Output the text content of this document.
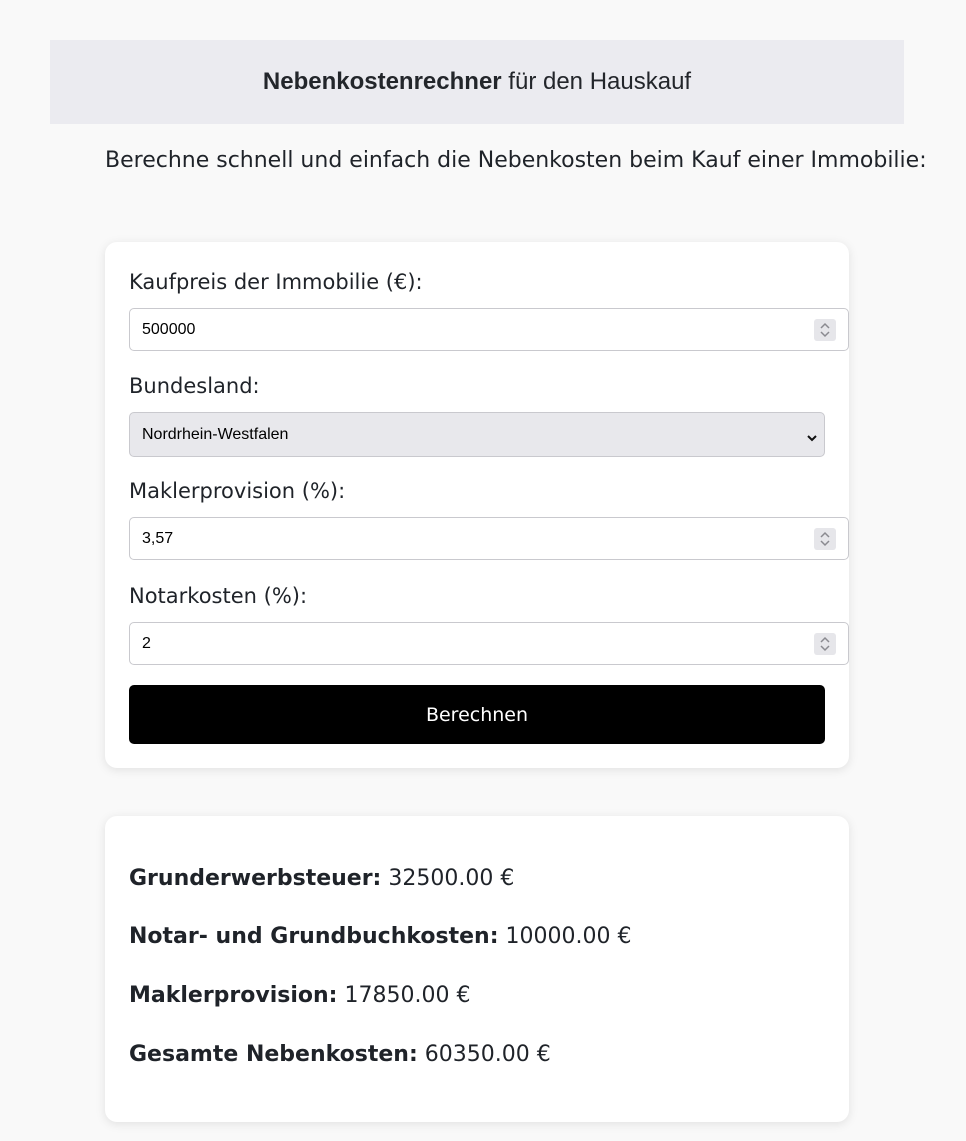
Nebenkostenrechner für den Hauskauf
Berechne schnell und einfach die Nebenkosten beim Kauf einer Immobilie:
Kaufpreis der Immobilie (€):
500000
Bundesland:
Nordrhein-Westfalen
Maklerprovision (%):
3,57
Notarkosten (%):
2
Berechnen
Grunderwerbsteuer: 32500.00 €
Notar- und Grundbuchkosten: 10000.00 €
Maklerprovision: 17850.00 €
Gesamte Nebenkosten: 60350.00 €
